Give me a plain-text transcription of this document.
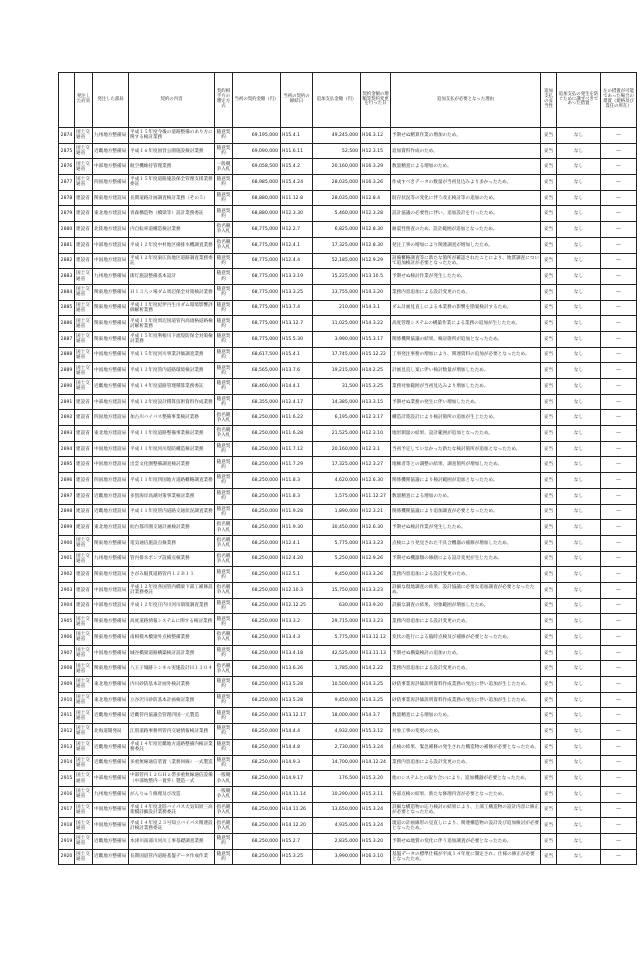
	発注した府省	発注した部局	契約の内容	契約相手方の選定方式	当初の契約金額（円）	当初の契約の締結日	追加支払金額（円）	契約金額の増額等契約変更を行った日	追加支払が必要となった理由	追加支払の妥当性	追加支払の発生を防ぐために講ずべきであった措置	左の措置が可能であった場合の措置（規格及び責任の所在）
2874	国土交通省	九州地方整備局	平成１５年度今後の道路整備のあり方に関する検討業務	随意契約	69,195,000	H15.4.1	49,245,000	H16.3.12	予期せぬ精算作業の増加のため。	妥当	なし	―
2875	国土交通省	近畿地方整備局	平成１６年度国営公園施設検討業務	随意契約	69,090,000	H11.6.11	52,500	H12.3.15	追加資料作成のため。	妥当	なし	―
2876	国土交通省	中部地方整備局	航空機維持管理業務	一般競争入札	69,058,500	H15.4.2	20,160,000	H16.3.29	数量精査による増加のため。	妥当	なし	―
2877	国土交通省	四国地方整備局	平成１５年度道路施設保全管理支援業務委託	随意契約	68,985,000	H15.4.24	28,035,000	H16.3.26	作成すべきデータの数量が当初見込みより多かったため。	妥当	なし	―
2878	建設省	関東地方建設局	長期道路計画調査検討業務（その５）	随意契約	68,880,000	H11.12.8	28,035,000	H12.8.4	既存状況等の変化に伴う改正検討等の追加のため。	妥当	なし	―
2879	建設省	東北地方建設局	青森構造物（橋梁等）設計業務委託	随意契約	68,880,000	H12.3.30	5,460,000	H12.3.28	設計協議の必要性に伴い、追加設計を行ったため。	妥当	なし	―
2880	建設省	北陸地方建設局	内自転車道構造検討業務	指名競争入札	68,775,000	H12.2.7	6,825,000	H12.8.30	耐震性照査のため、設計範囲が追加となったため。	妥当	なし	―
2881	建設省	中部地方建設局	平成１２年度中村地区揚排水機調査業務	指名競争入札	68,775,000	H12.4.1	17,325,000	H12.8.30	発注工事の増加により関連調査が増加したため。	妥当	なし	―
2882	建設省	中国地方建設局	平成１２年度東広島地区道路調査業務委託	随意契約	68,775,000	H12.4.4	52,185,000	H12.9.29	設備概略調査等に新たな箇所が確認されたことにより、地質調査について追加検討が必要となったため。	妥当	なし	―
2883	国土交通省	九州地方整備局	街灯施設整備基本設計	随意契約	68,775,000	H13.3.19	15,225,000	H13.10.5	予期せぬ検討作業が発生したため。	妥当	なし	―
2884	国土交通省	関東地方整備局	Ｈ１３八ッ場ダム周辺保全対策検討業務	随意契約	68,775,000	H13.3.25	13,755,000	H14.3.20	業務内容追加による設計変更のため。	妥当	なし	―
2885	国土交通省	関東地方整備局	平成１３年度紀伊丹生川ダム環境影響評価解析業務	随意契約	68,775,000	H13.7.4	210,000	H14.3.1	ダム計画見直しによる本業務の影響を勘案検討するため。	妥当	なし	―
2886	国土交通省	関東地方整備局	平成１３年度周辺国道管内高規格道路検討解析業務	随意契約	68,775,000	H13.12.7	11,025,000	H14.3.22	高度管理システムの構築作業による業務の追加が生じたため。	妥当	なし	―
2887	国土交通省	関東地方整備局	平成１５年度利根川下流堤防保全対策検討業務	随意契約	68,775,000	H15.5.30	3,990,000	H15.3.17	関係機関協議の結果、検討箇所が追加となったため。	妥当	なし	―
2888	国土交通省	中国地方整備局	平成１５年度河川事業評価調査業務	随意契約	68,617,500	H15.4.1	17,745,000	H15.12.22	工事発注事務の増加により、関連資料の追加が必要となったため。	妥当	なし	―
2889	国土交通省	中国地方整備局	平成１３年度管内道路環境検討業務	随意契約	68,565,000	H13.7.6	19,215,000	H14.2.25	計画見直し案に伴い検討数量が増加したため。	妥当	なし	―
2890	国土交通省	近畿地方整備局	平成１４年度道路管理積算業務委託	随意契約	68,460,000	H14.4.1	31,500	H15.3.25	業務対象範囲が当初見込みより増加したため。	妥当	なし	―
2891	建設省	中部地方建設局	平成１２年度設計積算技術資料作成業務	随意契約	68,355,000	H12.4.17	14,385,000	H13.3.15	予期せぬ業務の発生に伴い増加したため。	妥当	なし	―
2892	建設省	四国地方建設局	加古川バイパス整備事業検討業務	指名競争入札	68,250,000	H11.6.22	6,195,000	H12.3.17	構造計算設計により検討箇所の追加が生じたため。	妥当	なし	―
2893	建設省	東北地方建設局	平成１１年度道路整備事業検討業務	指名競争入札	68,250,000	H11.6.28	21,525,000	H12.3.10	地形測量の結果、設計範囲が追加となったため。	妥当	なし	―
2894	建設省	中国地方建設局	平成１１年度河川堤防構造検討業務	随意契約	68,250,000	H11.7.12	20,160,000	H12.3.1	当初予定していなかった新たな検討箇所が追加となったため。	妥当	なし	―
2895	建設省	中国地方建設局	出雲文化圏整備調査検討業務	随意契約	68,250,000	H11.7.29	17,325,000	H12.3.27	地権者等との調整の結果、調査箇所が増加したため。	妥当	なし	―
2896	建設省	四国地方建設局	平成１１年度四国地方道路概略調査業務	随意契約	68,250,000	H11.8.3	4,620,000	H12.6.30	関係機関協議により検討範囲が追加となったため。	妥当	なし	―
2897	建設省	近畿地方建設局	多賀海岸高潮対策事業検討業務	随意契約	68,250,000	H11.8.3	1,575,000	H11.12.27	数量精査による増加のため。	妥当	なし	―
2898	建設省	近畿地方建設局	平成１１年度管内道路交通状況調査業務	随意契約	68,250,000	H11.9.28	1,890,000	H12.3.21	関係機関協議により追加調査が必要となったため。	妥当	なし	―
2899	建設省	東北地方建設局	仙台都市圏交通計画検討業務	指名競争入札	68,250,000	H11.9.30	30,450,000	H12.6.30	予期せぬ検討作業が発生したため。	妥当	なし	―
2900	国土交通省	関東地方整備局	電気通信施設点検業務	指名競争入札	68,250,000	H12.4.1	5,775,000	H13.3.23	点検により発見された不具合機器の補修が増加したため。	妥当	なし	―
2901	国土交通省	九州地方整備局	管内排水ポンプ設備点検業務	指名競争入札	68,250,000	H12.4.20	5,250,000	H12.9.26	予期せぬ機器類の修繕による設計変更が生じたため。	妥当	なし	―
2902	建設省	関東地方建設局	さがみ縦貫道路管内１２Ｂ１１	随意契約	68,250,000	H12.5.1	9,450,000	H13.3.26	業務内容追加による設計変更のため。	妥当	なし	―
2903	建設省	中国地方建設局	平成１２年度各国管内橋梁下部工補修設計業務委託	指名競争入札	68,250,000	H12.10.3	15,750,000	H13.3.23	詳細な現地調査の結果、設計協議に必要な追加調査が必要となったため。	妥当	なし	―
2904	建設省	中部地方建設局	平成１２年度庄内川河川環境調査業務	随意契約	68,250,000	H12.12.25	630,000	H13.9.20	詳細な調査の結果、対象範囲が増加したため。	妥当	なし	―
2905	国土交通省	関東地方整備局	高度道路情報システムに関する検討業務	随意契約	68,250,000	H13.3.2	29,715,000	H13.3.23	業務内容追加による設計変更のため。	妥当	なし	―
2906	国土交通省	関東地方整備局	南相模木橋梁外点検整備業務	指名競争入札	68,250,000	H13.4.3	5,775,000	H13.12.12	変状の進行による臨時点検及び補修が必要となったため。	妥当	なし	―
2907	国土交通省	中国地方整備局	城谷橋梁道路構築検討設計業務	随意契約	68,250,000	H13.4.18	42,525,000	H13.11.13	予期せぬ構築検討の追加のため。	妥当	なし	―
2908	国土交通省	関東地方整備局	八王子城跡トンネル実施設計Ｈ１３０４	指名競争入札	68,250,000	H13.6.26	1,785,000	H14.2.22	業務内容追加による設計変更のため。	妥当	なし	―
2909	国土交通省	東北地方整備局	内川砂防基本計画外検討業務	随意契約	68,250,000	H13.5.28	10,500,000	H14.3.25	砂防事業再評価説明資料作成業務の発注に伴い追加が生じたため。	妥当	なし	―
2910	国土交通省	東北地方整備局	立谷沢川砂防基本計画検討業務	随意契約	68,250,000	H13.5.28	9,450,000	H14.3.25	砂防事業再評価説明資料作成業務の発注に伴い追加が生じたため。	妥当	なし	―
2911	国土交通省	近畿地方整備局	近畿管内協議会管理四国一元製造	随意契約	68,250,000	H13.12.17	18,000,000	H14.3.7	数量精査による増加のため。	妥当	なし	―
2912	国土交通省	北海道開発局	江別道路事務所管内交通情報検討業務	随意契約	68,250,000	H14.4.4	4,932,000	H15.3.12	対象工事の変更のため。	妥当	なし	―
2913	国土交通省	近畿地方整備局	平成１４年度近畿地方道路整備内検討業務委託	随意契約	68,250,000	H14.4.8	2,730,000	H15.3.24	点検の結果、緊急補修の発生された構造物の補修が必要となったため。	妥当	なし	―
2914	国土交通省	近畿地方整備局	多重無線通信装置（業務回線）一式製造	随意契約	68,250,000	H14.9.3	14,700,000	H14.12.24	業務内容追加による設計変更のため。	妥当	なし	―
2915	国土交通省	中部地方整備局	中部管内１２ＧＨｚ帯多重無線通信設備（中部地整内一置外）製造一式	一般競争入札	68,250,000	H14.9.17	176,500	H15.3.20	他のシステムとの取り合いにより、追加機器が必要となったため。	妥当	なし	―
2916	国土交通省	九州地方整備局	がんりゅう修理及び改造	一般競争入札	68,250,000	H14.11.14	10,290,000	H15.3.11	各部点検の結果、新たな修理内容が必要となったため。	妥当	なし	―
2917	国土交通省	中国地方整備局	平成１４年度北陸バイパス大気知原三高架橋詳細設計業務委託	指名競争入札	68,250,000	H14.11.26	13,650,000	H15.3.24	詳細な構造物の応力検討の結果により、上部工構造物の設計内容に修正が必要となったため。	妥当	なし	―
2918	国土交通省	中国地方整備局	平成１４年度２３号知立バイパス関連設計検討業務委託	指名競争入札	68,250,000	H14.12.20	4,935,000	H15.3.24	現道の計画線形の見直しにより、関連構造物の設計及び追加検討が必要となったため。	妥当	なし	―
2919	国土交通省	近畿地方整備局	木津川南部川河川工事基礎調査業務	随意契約	68,250,000	H15.2.7	2,835,000	H15.3.20	予期せぬ地質の変化に伴う追加調査が必要となったため。	妥当	なし	―
2920	国土交通省	近畿地方整備局	長期国道管内道路基盤データ作成作業	随意契約	68,250,000	H15.3.25	3,990,000	H16.3.10	基盤データの標準仕様が平成１４年度に制定され、仕様の修正が必要となったため。	妥当	なし	―
